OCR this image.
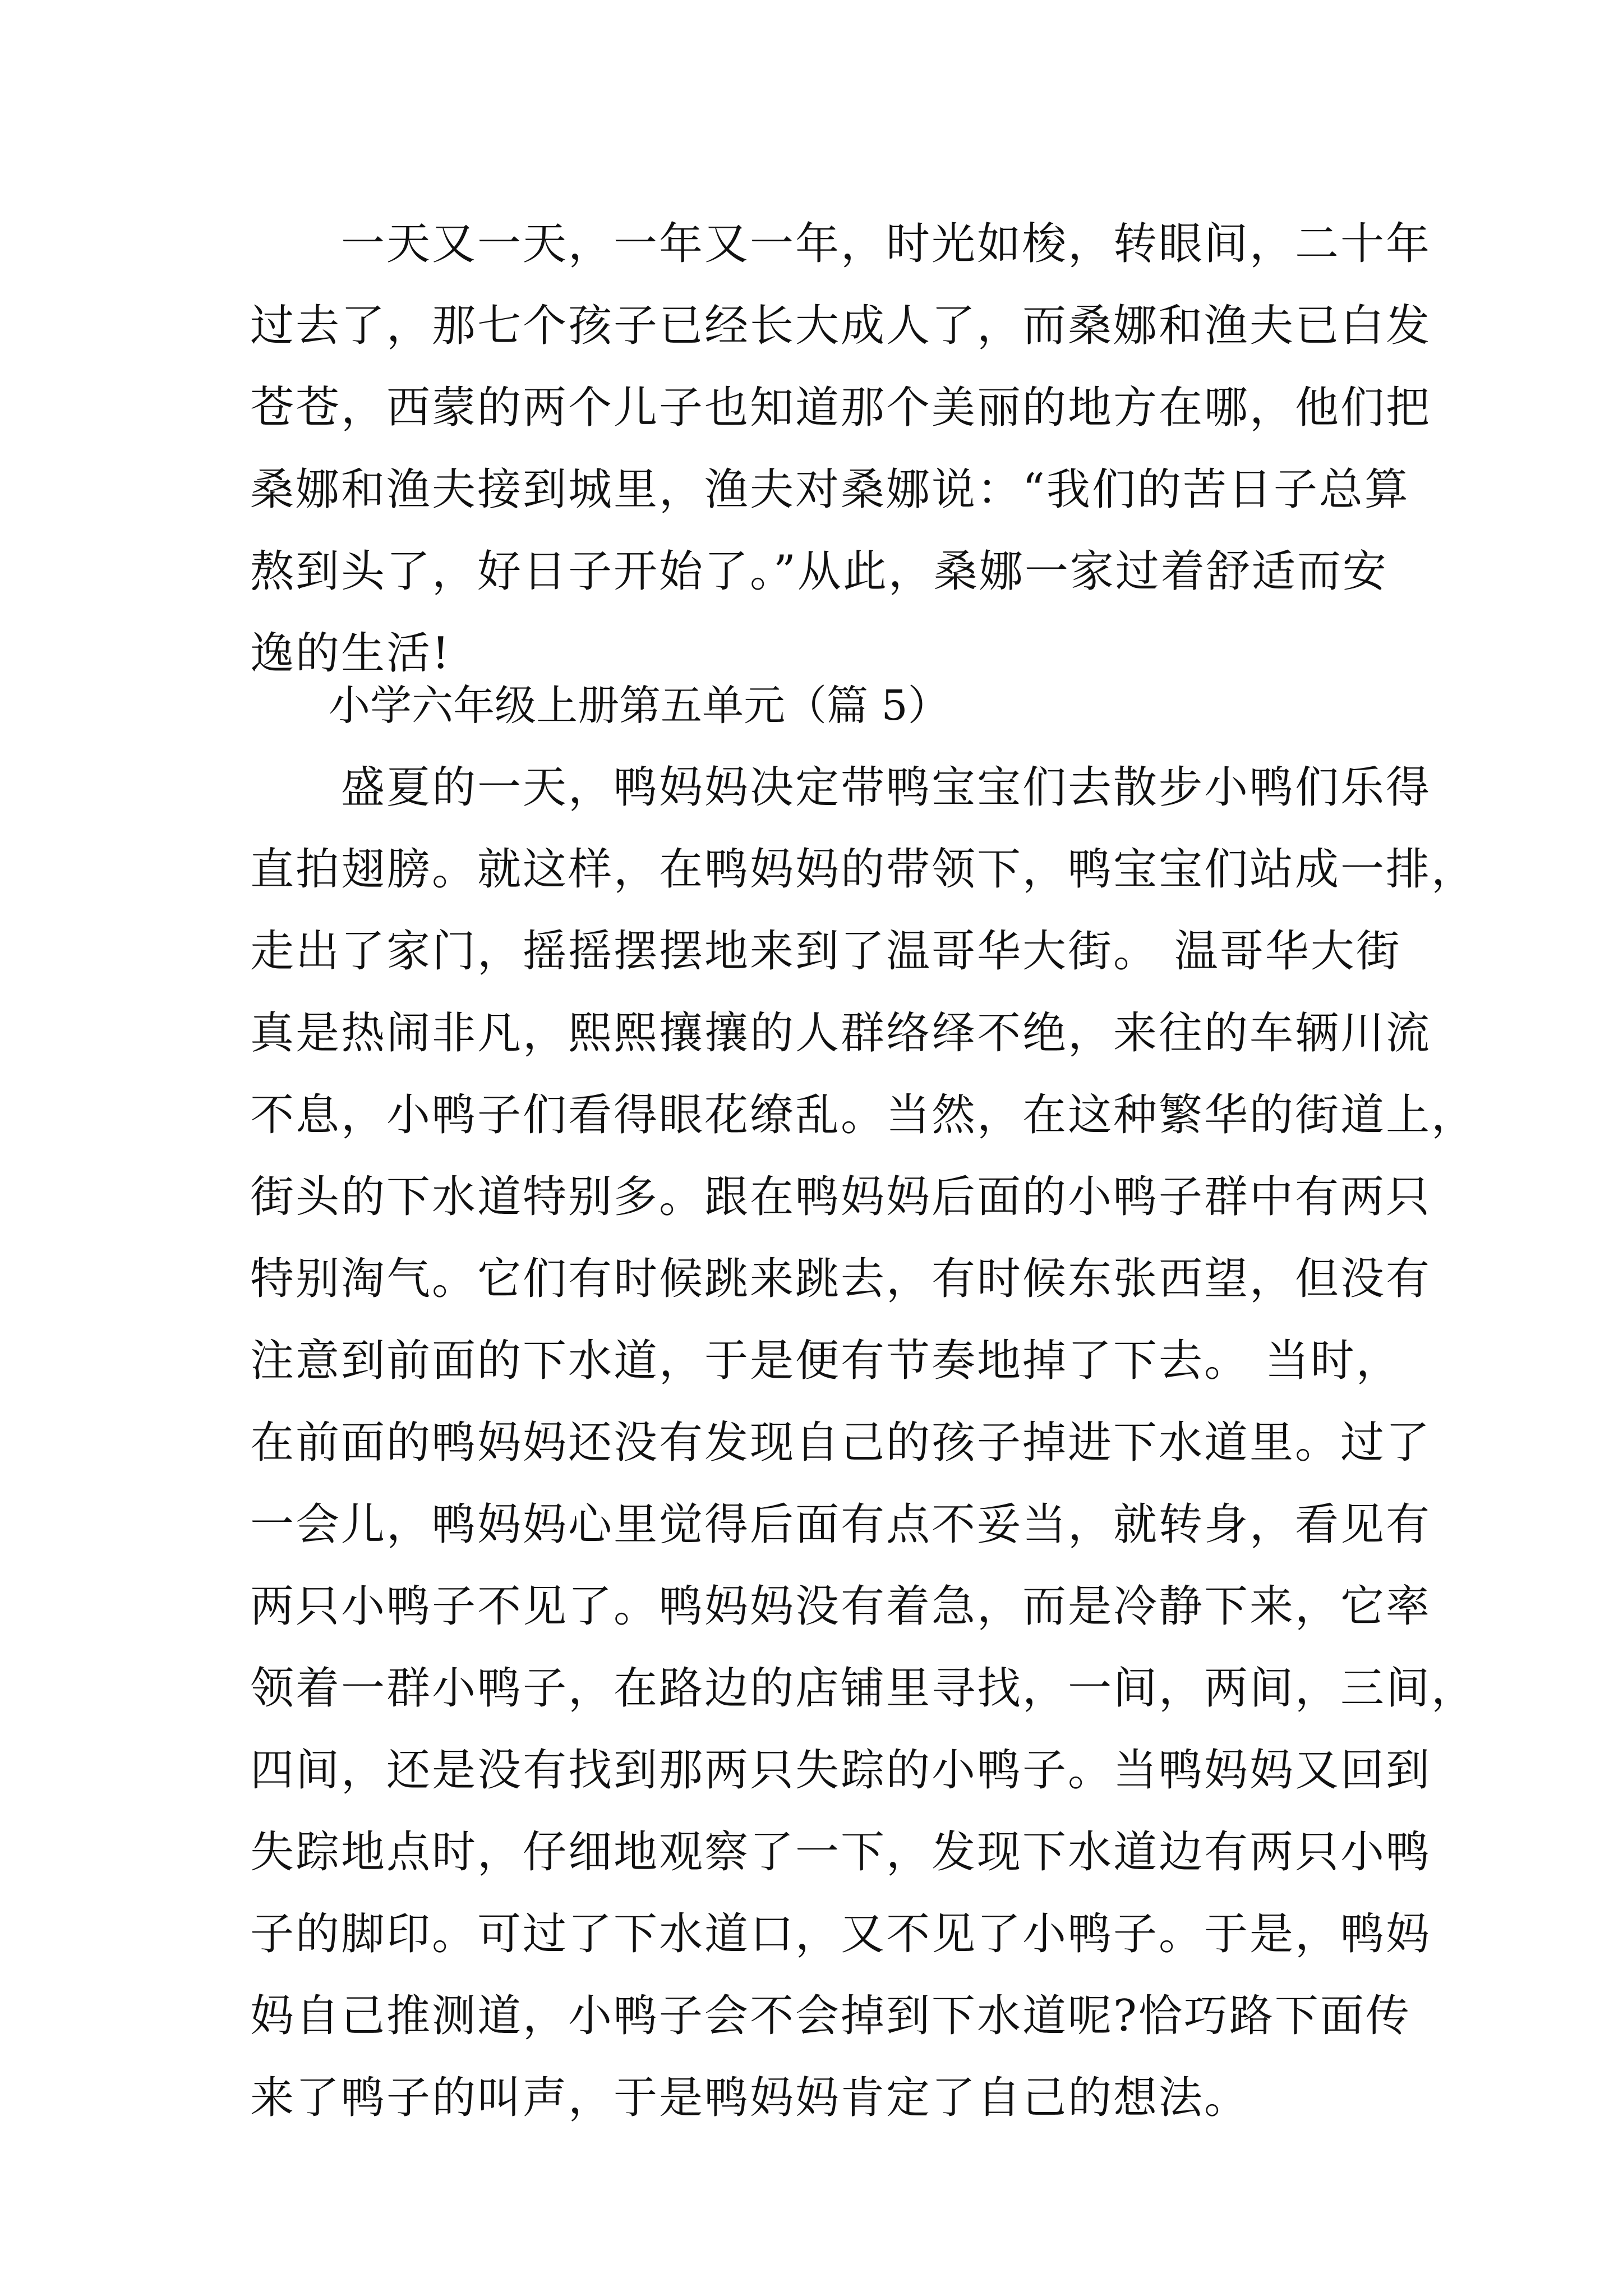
　　一天又一天，一年又一年，时光如梭，转眼间，二十年
过去了，那七个孩子已经长大成人了，而桑娜和渔夫已白发
苍苍，西蒙的两个儿子也知道那个美丽的地方在哪，他们把
桑娜和渔夫接到城里，渔夫对桑娜说：“我们的苦日子总算
熬到头了，好日子开始了。”从此，桑娜一家过着舒适而安
逸的生活!
小学六年级上册第五单元（篇 5）
　　盛夏的一天，鸭妈妈决定带鸭宝宝们去散步小鸭们乐得
直拍翅膀。就这样，在鸭妈妈的带领下，鸭宝宝们站成一排，
走出了家门，摇摇摆摆地来到了温哥华大街。 温哥华大街
真是热闹非凡，熙熙攘攘的人群络绎不绝，来往的车辆川流
不息，小鸭子们看得眼花缭乱。当然，在这种繁华的街道上，
街头的下水道特别多。跟在鸭妈妈后面的小鸭子群中有两只
特别淘气。它们有时候跳来跳去，有时候东张西望，但没有
注意到前面的下水道，于是便有节奏地掉了下去。 当时，
在前面的鸭妈妈还没有发现自己的孩子掉进下水道里。过了
一会儿，鸭妈妈心里觉得后面有点不妥当，就转身，看见有
两只小鸭子不见了。鸭妈妈没有着急，而是冷静下来，它率
领着一群小鸭子，在路边的店铺里寻找，一间，两间，三间，
四间，还是没有找到那两只失踪的小鸭子。当鸭妈妈又回到
失踪地点时，仔细地观察了一下，发现下水道边有两只小鸭
子的脚印。可过了下水道口，又不见了小鸭子。于是，鸭妈
妈自己推测道，小鸭子会不会掉到下水道呢?恰巧路下面传
来了鸭子的叫声，于是鸭妈妈肯定了自己的想法。
